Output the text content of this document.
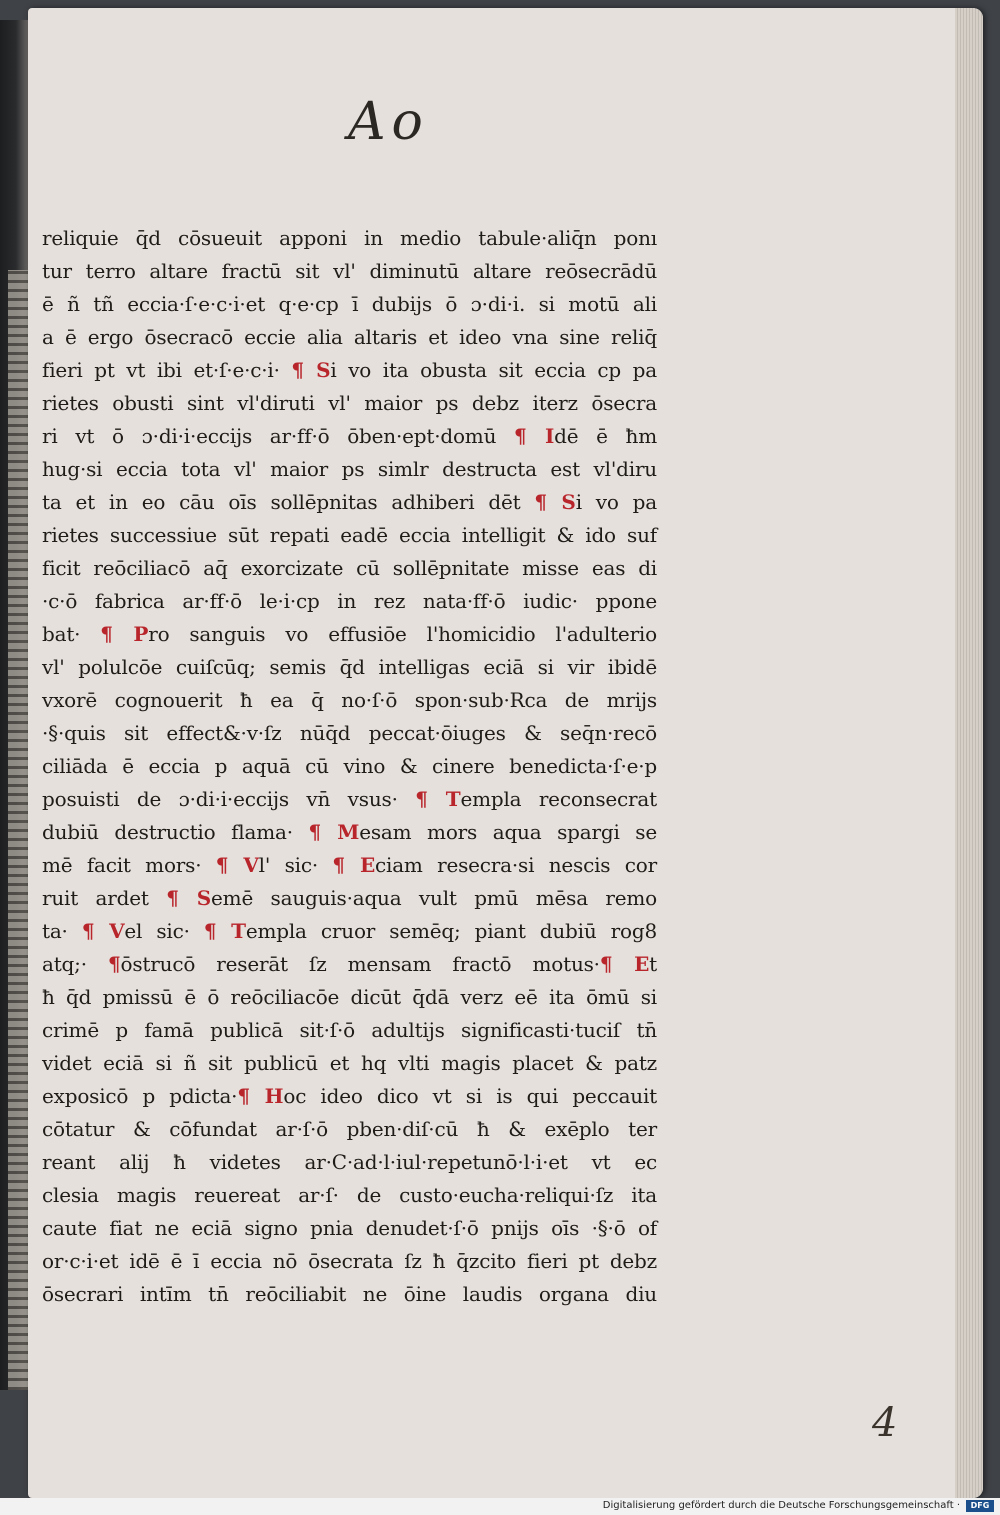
Ao
reliquie q̄d cōsueuit apponi in medio tabule·aliq̄n ponı
tur terro altare fractū sit vl' diminutū altare reōsecrādū
ē ñ tñ eccia·ſ·e·c·i·et q·e·cp ī dubijs ō ɔ·di·i. si motū ali
a ē ergo ōsecracō eccie alia altaris et ideo vna sine reliq̄
fieri pt vt ibi et·ſ·e·c·i· ¶ Si vo ita obusta sit eccia cp pa
rietes obusti sint vl'diruti vl' maior ps debz iterz ōsecra
ri vt ō ɔ·di·i·eccijs ar·ff·ō ōben·ept·domū ¶ Idē ē ħm
hug·si eccia tota vl' maior ps simlr destructa est vl'diru
ta et in eo cāu oīs sollēpnitas adhiberi dēt ¶ Si vo pa
rietes successiue sūt repati eadē eccia intelligit & ido suf
ficit reōciliacō aq̄ exorcizate cū sollēpnitate misse eas di
·c·ō fabrica ar·ff·ō le·i·cp in rez nata·ff·ō iudic· ppone
bat· ¶ Pro sanguis vo effusiōe l'homicidio l'adulterio
vl' polulcōe cuiſcūq; semis q̄d intelligas eciā si vir ibidē
vxorē cognouerit ħ ea q̄ no·ſ·ō spon·sub·Rca de mrijs
·§·quis sit effect&·v·ſz nūq̄d peccat·ōiuges & seq̄n·recō
ciliāda ē eccia p aquā cū vino & cinere benedicta·ſ·e·p
posuisti de ɔ·di·i·eccijs vn̄ vsus· ¶ Templa reconsecrat
dubiū destructio flama· ¶ Mesam mors aqua spargi se
mē facit mors· ¶ Vl' sic· ¶ Eciam resecra·si nescis cor
ruit ardet ¶ Semē sauguis·aqua vult pmū mēsa remo
ta· ¶ Vel sic· ¶ Templa cruor semēq; piant dubiū rog8
atq;· ¶ōstrucō reserāt ſz mensam fractō motus·¶ Et
ħ q̄d pmissū ē ō reōciliacōe dicūt q̄dā verz eē ita ōmū si
crimē p famā publicā sit·ſ·ō adultijs significasti·tuciſ tn̄
videt eciā si ñ sit publicū et hq vlti magis placet & patz
exposicō p pdicta·¶ Hoc ideo dico vt si is qui peccauit
cōtatur & cōfundat ar·ſ·ō pben·diſ·cū ħ & exēplo ter
reant alij ħ videtes ar·C·ad·l·iul·repetunō·l·i·et vt ec
clesia magis reuereat ar·ſ· de custo·eucha·reliqui·ſz ita
caute fiat ne eciā signo pnia denudet·ſ·ō pnijs oīs ·§·ō of
or·c·i·et idē ē ī eccia nō ōsecrata ſz ħ q̄zcito fieri pt debz
ōsecrari intīm tn̄ reōciliabit ne ōine laudis organa diu
4
Digitalisierung gefördert durch die Deutsche Forschungsgemeinschaft ·	DFG
